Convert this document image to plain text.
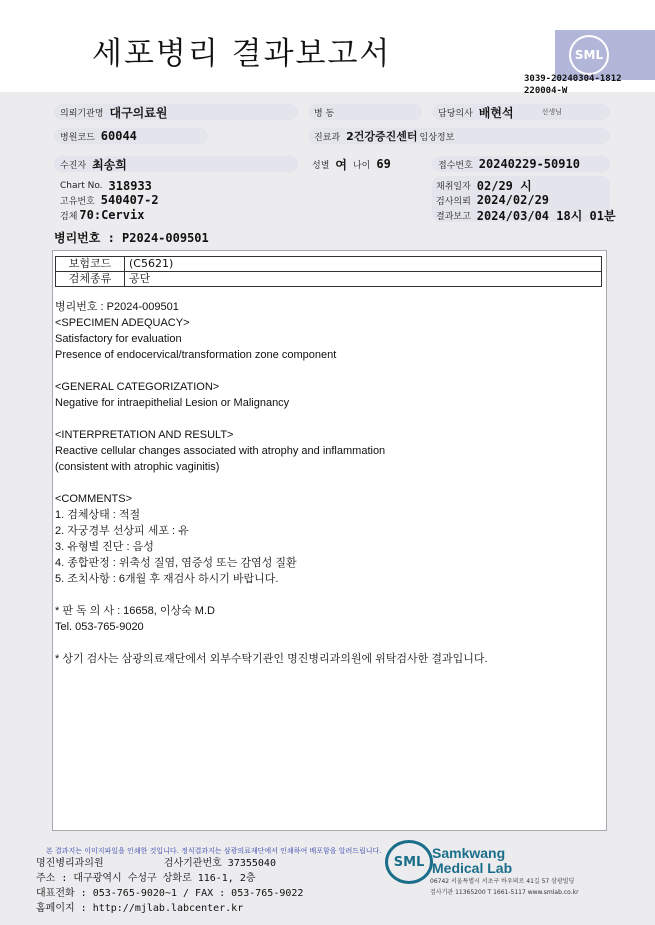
세포병리 결과보고서	SML
3039-20240304-1812
220004-W
의뢰기관명 대구의료원	병 동	담당의사 배현석	선생님
병원코드 60044	진료과 2건강증진센터 임상정보
수진자 최송희	성별 여 나이 69	접수번호 20240229-50910
Chart No. 318933
고유번호 540407-2
검체 70:Cervix
채취일자 02/29 시
검사의뢰 2024/02/29
결과보고 2024/03/04 18시 01분
병리번호 : P2024-009501
보험코드	(C5621)
검체종류	공단
병리번호 : P2024-009501
<SPECIMEN ADEQUACY>
Satisfactory for evaluation
Presence of endocervical/transformation zone component
<GENERAL CATEGORIZATION>
Negative for intraepithelial Lesion or Malignancy
<INTERPRETATION AND RESULT>
Reactive cellular changes associated with atrophy and inflammation
(consistent with atrophic vaginitis)
<COMMENTS>
1. 검체상태 : 적절
2. 자궁경부 선상피 세포 : 유
3. 유형별 진단 : 음성
4. 종합판정 : 위축성 질염, 염증성 또는 감염성 질환
5. 조치사항 : 6개월 후 재검사 하시기 바랍니다.
* 판 독 의 사 : 16658, 이상숙 M.D
Tel. 053-765-9020
* 상기 검사는 삼광의료재단에서 외부수탁기관인 명진병리과의원에 위탁검사한 결과입니다.
본 결과지는 이미지파일을 인쇄한 것입니다. 정식결과지는 삼광의료재단에서 인쇄하여 배포함을 알려드립니다.
명진병리과의원          검사기관번호 37355040
주소 : 대구광역시 수성구 상화로 116-1, 2층
대표전화 : 053-765-9020~1 / FAX : 053-765-9022
홈페이지 : http://mjlab.labcenter.kr
SML
Samkwang
Medical Lab
06742 서울특별시 서초구 바우뫼로 41길 57 삼광빌딩
검사기관 11365200 T 1661-5117 www.smlab.co.kr
